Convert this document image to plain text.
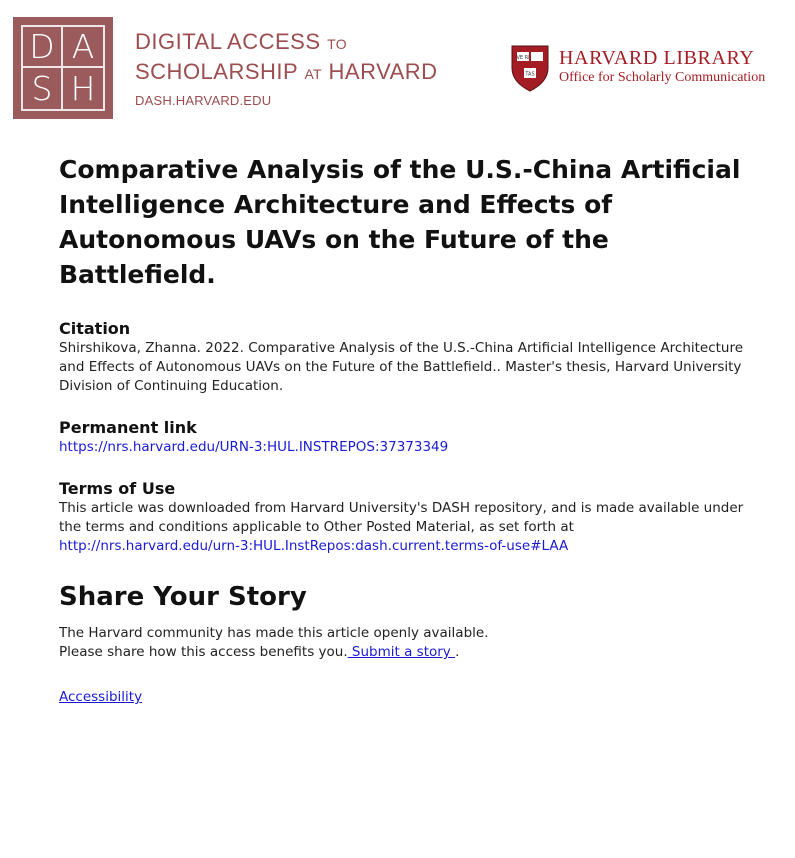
D A
S H
DIGITAL ACCESS TO
SCHOLARSHIP AT HARVARD
DASH.HARVARD.EDU
VE RI
TAS
HARVARD LIBRARY
Office for Scholarly Communication
Comparative Analysis of the U.S.-China Artificial Intelligence Architecture and Effects of Autonomous UAVs on the Future of the Battlefield.
Citation

Shirshikova, Zhanna. 2022. Comparative Analysis of the U.S.-China Artificial Intelligence Architecture and Effects of Autonomous UAVs on the Future of the Battlefield.. Master's thesis, Harvard University Division of Continuing Education.

Permanent link

https://nrs.harvard.edu/URN-3:HUL.INSTREPOS:37373349

Terms of Use

This article was downloaded from Harvard University's DASH repository, and is made available under the terms and conditions applicable to Other Posted Material, as set forth at http://nrs.harvard.edu/urn-3:HUL.InstRepos:dash.current.terms-of-use#LAA

Share Your Story

The Harvard community has made this article openly available.
Please share how this access benefits you. Submit a story .

Accessibility
